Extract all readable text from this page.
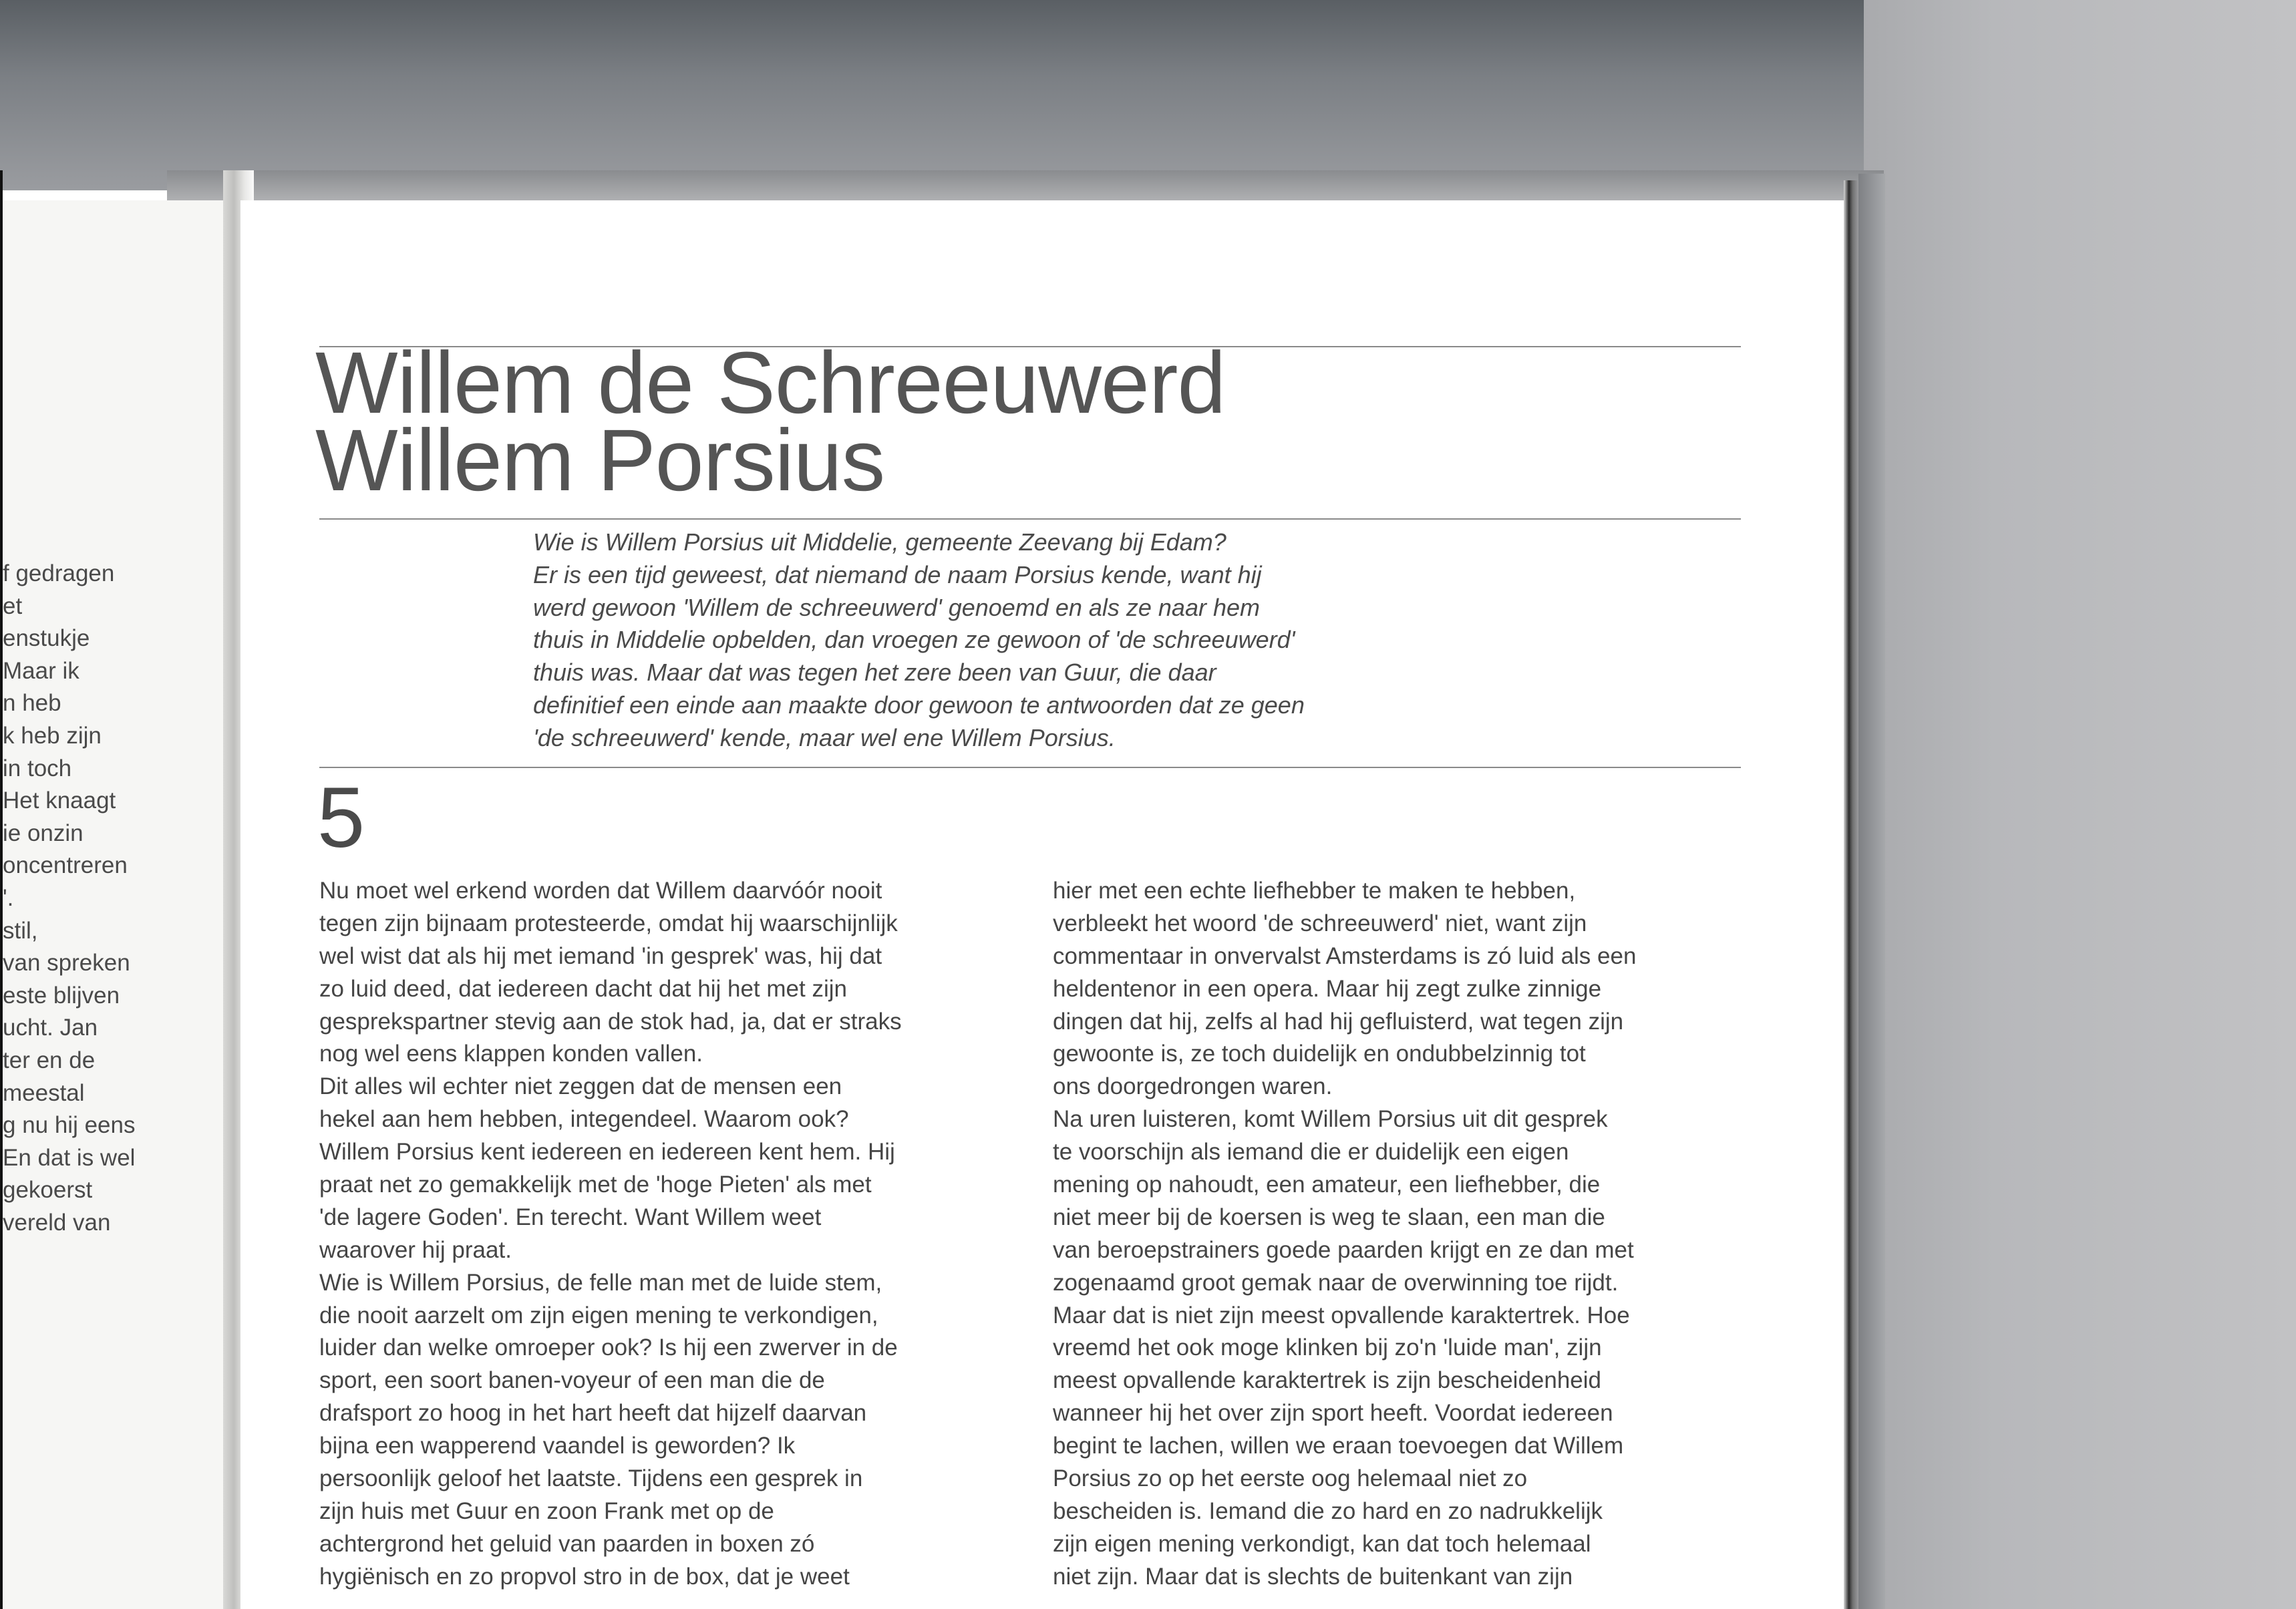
f gedragen
et
enstukje
Maar ik
n heb
k heb zijn
in toch
Het knaagt
ie onzin
oncentreren
'.
stil,
van spreken
este blijven
ucht. Jan
ter en de
meestal
g nu hij eens
En dat is wel
gekoerst
vereld van
Willem de Schreeuwerd
Willem Porsius
Wie is Willem Porsius uit Middelie, gemeente Zeevang bij Edam?
Er is een tijd geweest, dat niemand de naam Porsius kende, want hij
werd gewoon 'Willem de schreeuwerd' genoemd en als ze naar hem
thuis in Middelie opbelden, dan vroegen ze gewoon of 'de schreeuwerd'
thuis was. Maar dat was tegen het zere been van Guur, die daar
definitief een einde aan maakte door gewoon te antwoorden dat ze geen
'de schreeuwerd' kende, maar wel ene Willem Porsius.
5
Nu moet wel erkend worden dat Willem daarvóór nooit
tegen zijn bijnaam protesteerde, omdat hij waarschijnlijk
wel wist dat als hij met iemand 'in gesprek' was, hij dat
zo luid deed, dat iedereen dacht dat hij het met zijn
gesprekspartner stevig aan de stok had, ja, dat er straks
nog wel eens klappen konden vallen.
Dit alles wil echter niet zeggen dat de mensen een
hekel aan hem hebben, integendeel. Waarom ook?
Willem Porsius kent iedereen en iedereen kent hem. Hij
praat net zo gemakkelijk met de 'hoge Pieten' als met
'de lagere Goden'. En terecht. Want Willem weet
waarover hij praat.
Wie is Willem Porsius, de felle man met de luide stem,
die nooit aarzelt om zijn eigen mening te verkondigen,
luider dan welke omroeper ook? Is hij een zwerver in de
sport, een soort banen-voyeur of een man die de
drafsport zo hoog in het hart heeft dat hijzelf daarvan
bijna een wapperend vaandel is geworden? Ik
persoonlijk geloof het laatste. Tijdens een gesprek in
zijn huis met Guur en zoon Frank met op de
achtergrond het geluid van paarden in boxen zó
hygiënisch en zo propvol stro in de box, dat je weet
hier met een echte liefhebber te maken te hebben,
verbleekt het woord 'de schreeuwerd' niet, want zijn
commentaar in onvervalst Amsterdams is zó luid als een
heldentenor in een opera. Maar hij zegt zulke zinnige
dingen dat hij, zelfs al had hij gefluisterd, wat tegen zijn
gewoonte is, ze toch duidelijk en ondubbelzinnig tot
ons doorgedrongen waren.
Na uren luisteren, komt Willem Porsius uit dit gesprek
te voorschijn als iemand die er duidelijk een eigen
mening op nahoudt, een amateur, een liefhebber, die
niet meer bij de koersen is weg te slaan, een man die
van beroepstrainers goede paarden krijgt en ze dan met
zogenaamd groot gemak naar de overwinning toe rijdt.
Maar dat is niet zijn meest opvallende karaktertrek. Hoe
vreemd het ook moge klinken bij zo'n 'luide man', zijn
meest opvallende karaktertrek is zijn bescheidenheid
wanneer hij het over zijn sport heeft. Voordat iedereen
begint te lachen, willen we eraan toevoegen dat Willem
Porsius zo op het eerste oog helemaal niet zo
bescheiden is. Iemand die zo hard en zo nadrukkelijk
zijn eigen mening verkondigt, kan dat toch helemaal
niet zijn. Maar dat is slechts de buitenkant van zijn
